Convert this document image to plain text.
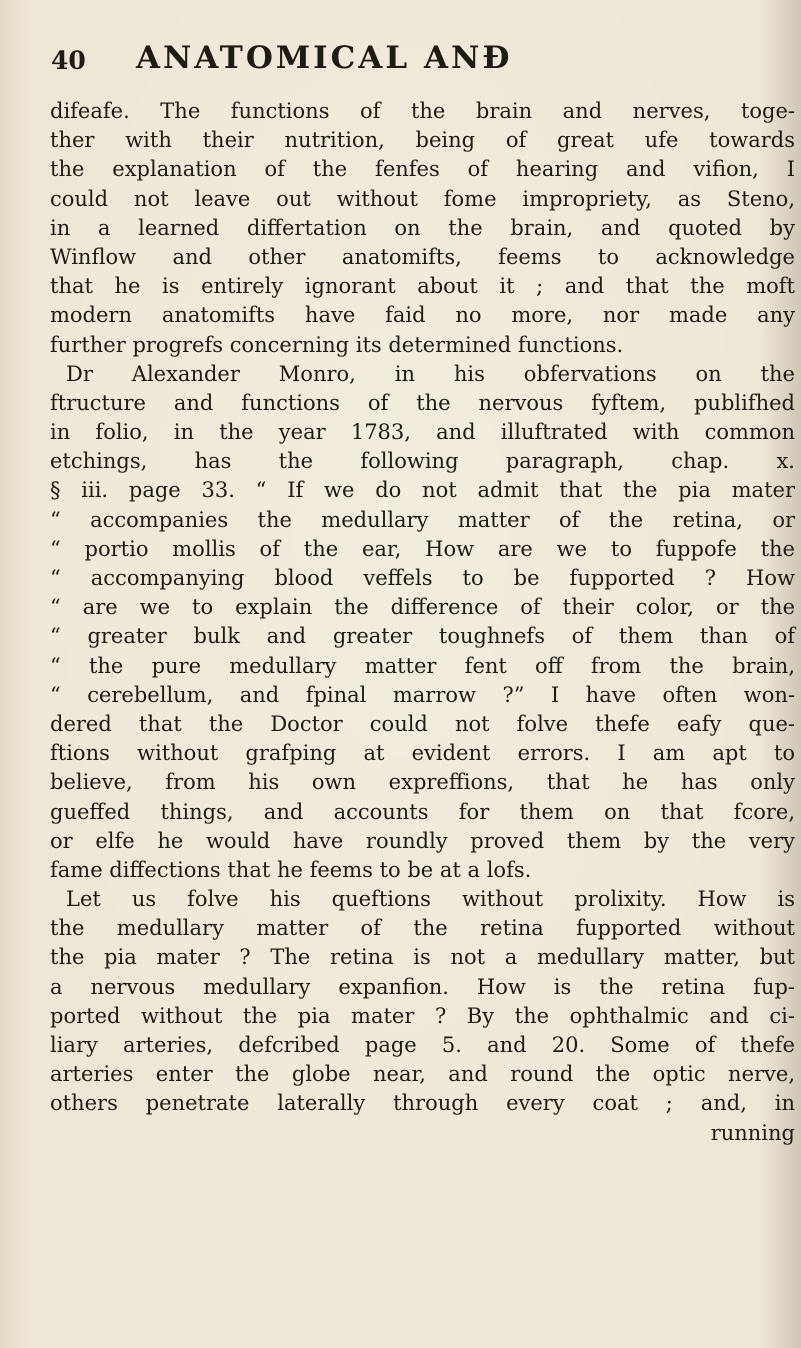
40 ANATOMICAL ANĐ
difeafe. The functions of the brain and nerves, toge‑
ther with their nutrition, being of great ufe towards
the explanation of the fenfes of hearing and vifion, I
could not leave out without fome impropriety, as Steno,
in a learned differtation on the brain, and quoted by
Winflow and other anatomifts, feems to acknowledge
that he is entirely ignorant about it ; and that the moft
modern anatomifts have faid no more, nor made any
further progrefs concerning its determined functions.
Dr Alexander Monro, in his obfervations on the
ftructure and functions of the nervous fyftem, publifhed
in folio, in the year 1783, and illuftrated with common
etchings, has the following paragraph, chap. x.
§ iii. page 33. “ If we do not admit that the pia mater
“ accompanies the medullary matter of the retina, or
“ portio mollis of the ear, How are we to fuppofe the
“ accompanying blood veffels to be fupported ? How
“ are we to explain the difference of their color, or the
“ greater bulk and greater toughnefs of them than of
“ the pure medullary matter fent off from the brain,
“ cerebellum, and fpinal marrow ?” I have often won-
dered that the Doctor could not folve thefe eafy que-
ftions without grafping at evident errors. I am apt to
believe, from his own expreffions, that he has only
gueffed things, and accounts for them on that fcore,
or elfe he would have roundly proved them by the very
fame diffections that he feems to be at a lofs.
Let us folve his queftions without prolixity. How is
the medullary matter of the retina fupported without
the pia mater ? The retina is not a medullary matter, but
a nervous medullary expanfion. How is the retina fup-
ported without the pia mater ? By the ophthalmic and ci-
liary arteries, defcribed page 5. and 20. Some of thefe
arteries enter the globe near, and round the optic nerve,
others penetrate laterally through every coat ; and, in
running
